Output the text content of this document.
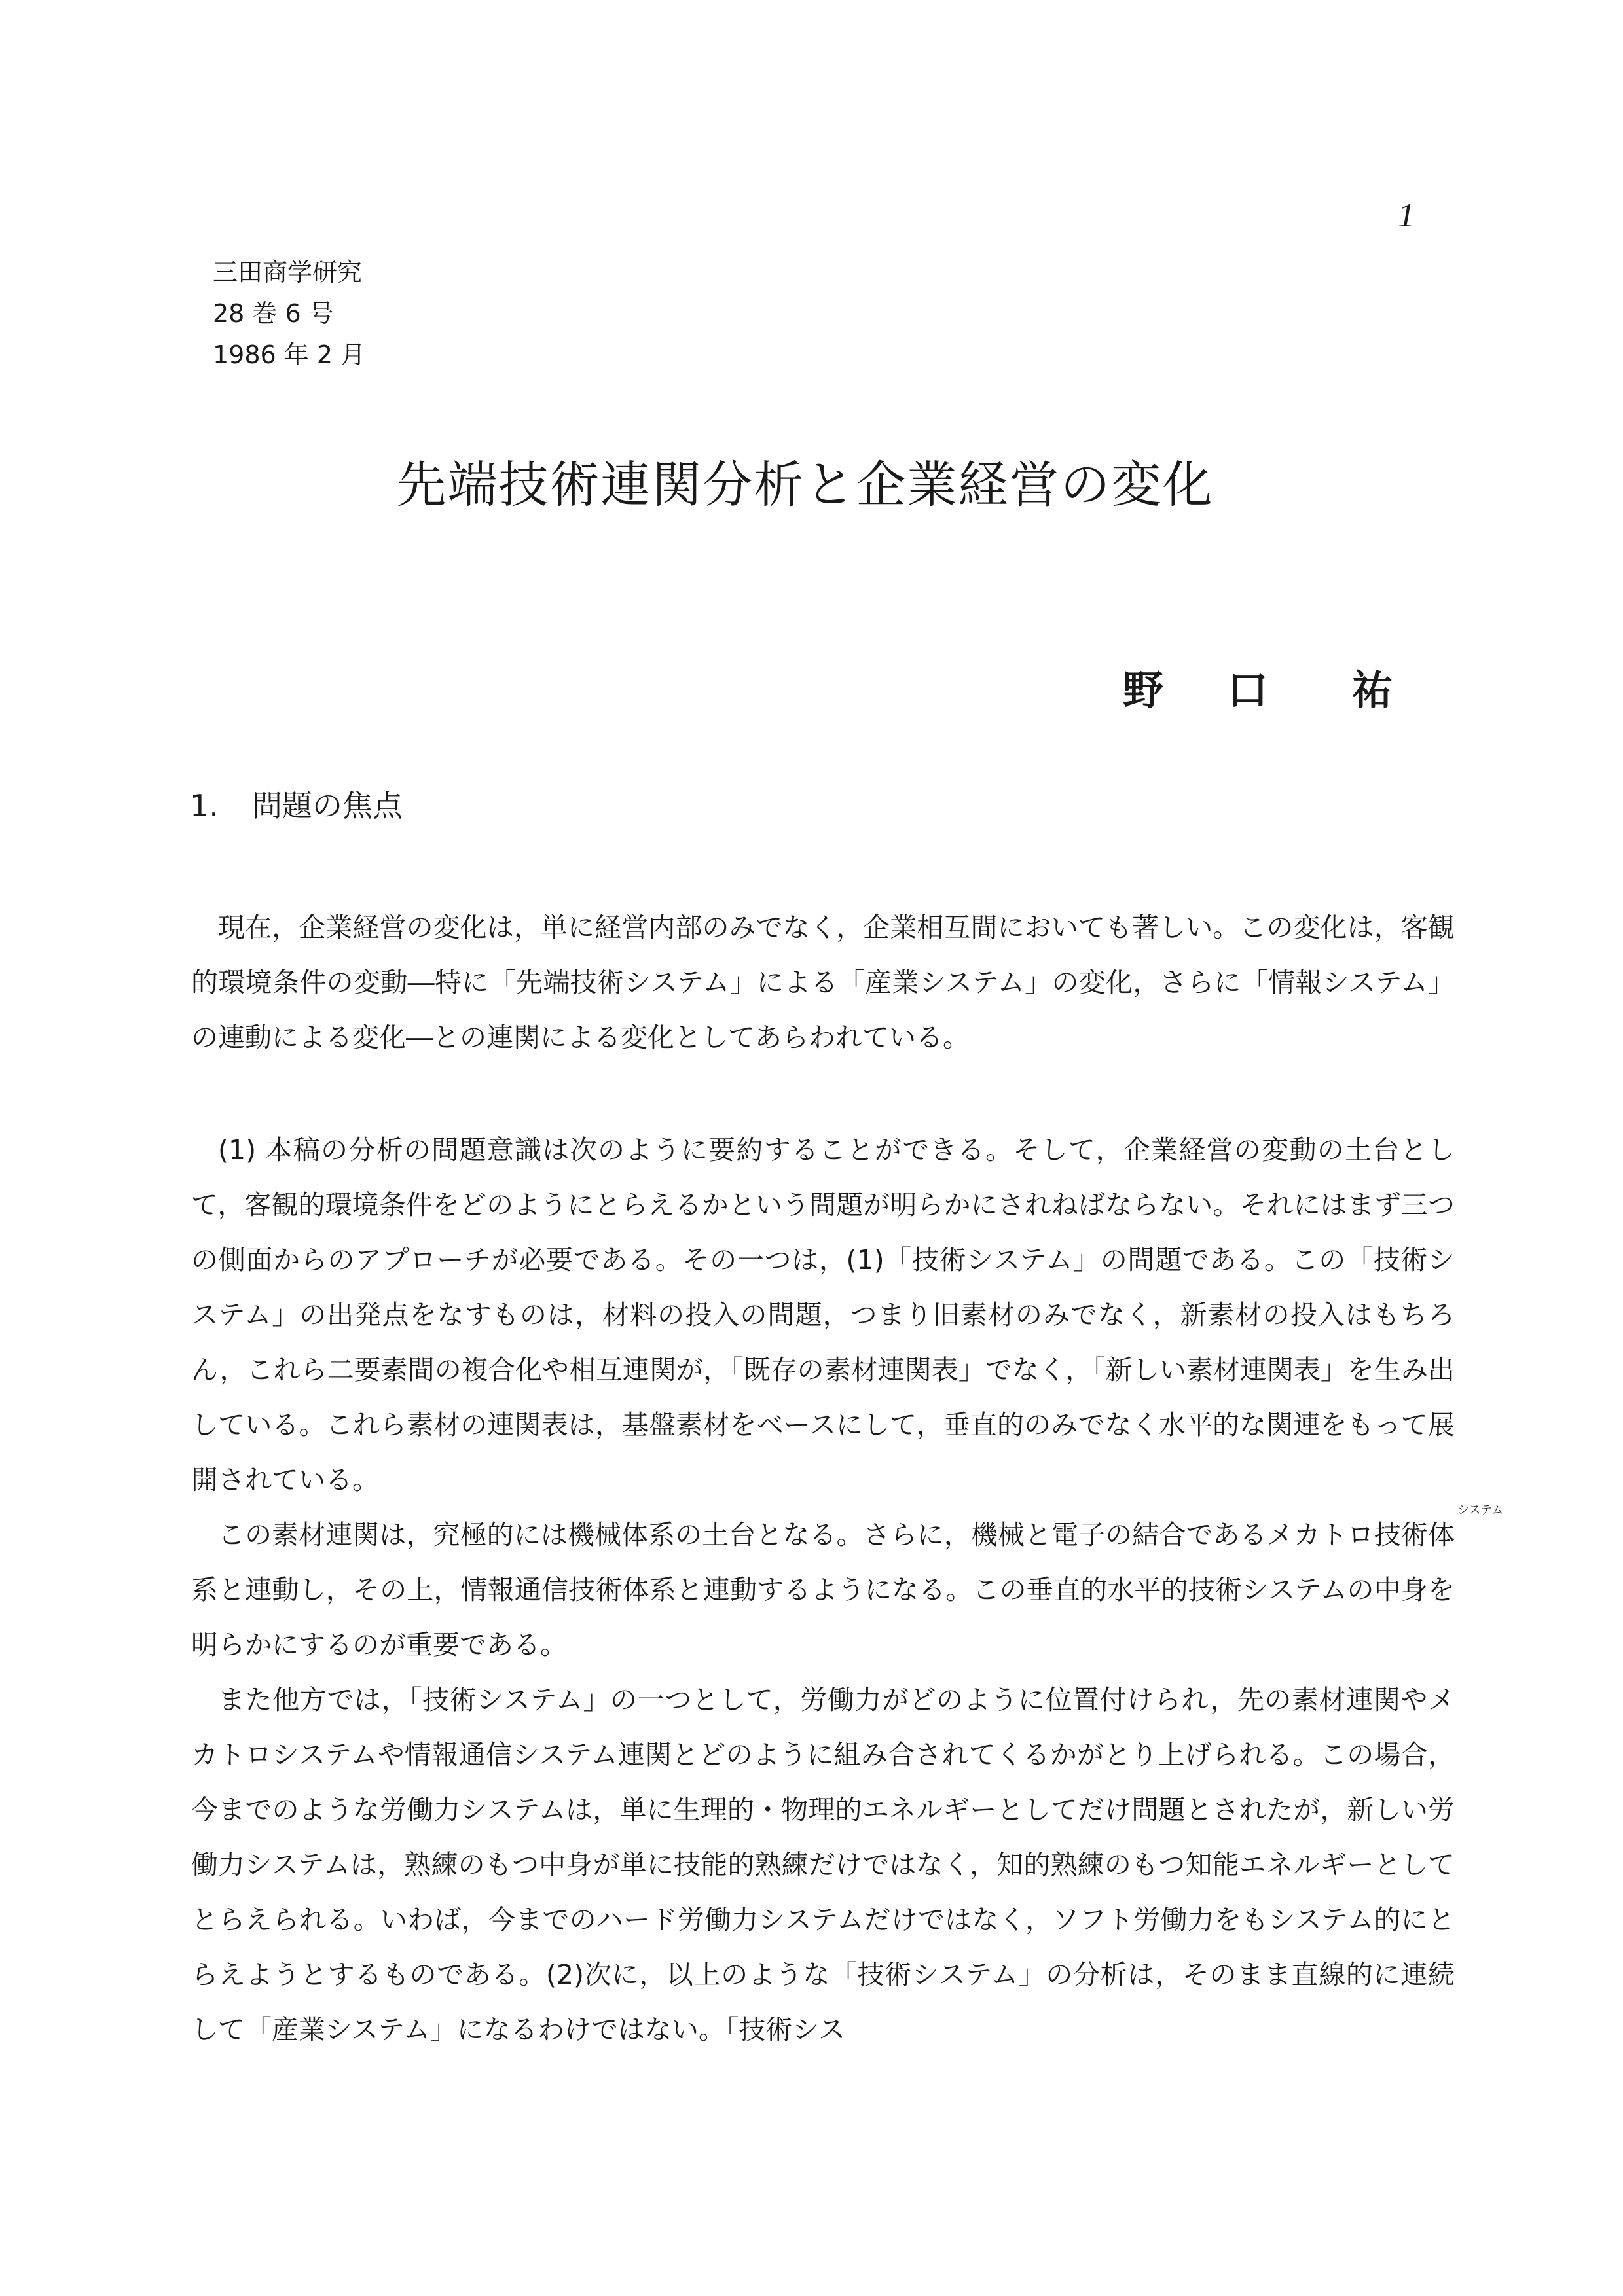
1
三田商学研究
28 巻 6 号
1986 年 2 月
先端技術連関分析と企業経営の変化
野 口 祐
1. 問題の焦点

現在，企業経営の変化は，単に経営内部のみでなく，企業相互間においても著しい。この変化は，客観的環境条件の変動―特に「先端技術システム」による「産業システム」の変化，さらに「情報システム」の連動による変化―との連関による変化としてあらわれている。

(1) 本稿の分析の問題意識は次のように要約することができる。そして，企業経営の変動の土台として，客観的環境条件をどのようにとらえるかという問題が明らかにされねばならない。それにはまず三つの側面からのアプローチが必要である。その一つは，(1)「技術システム」の問題である。この「技術システム」の出発点をなすものは，材料の投入の問題，つまり旧素材のみでなく，新素材の投入はもちろん，これら二要素間の複合化や相互連関が，「既存の素材連関表」でなく，「新しい素材連関表」を生み出している。これら素材の連関表は，基盤素材をベースにして，垂直的のみでなく水平的な関連をもって展開されている。

この素材連関は，究極的には機械体系の土台となる。さらに，機械と電子の結合であるメカトロ技術
システム
体系と連動し，その上，情報通信技術体系と連動するようになる。この垂直的水平的技術システムの中身を明らかにするのが重要である。

また他方では，「技術システム」の一つとして，労働力がどのように位置付けられ，先の素材連関やメカトロシステムや情報通信システム連関とどのように組み合されてくるかがとり上げられる。この場合，今までのような労働力システムは，単に生理的・物理的エネルギーとしてだけ問題とされたが，新しい労働力システムは，熟練のもつ中身が単に技能的熟練だけではなく，知的熟練のもつ知能エネルギーとしてとらえられる。いわば，今までのハード労働力システムだけではなく，ソフト労働力をもシステム的にとらえようとするものである。(2)次に，以上のような「技術システム」の分析は，そのまま直線的に連続して「産業システム」になるわけではない。「技術シス
